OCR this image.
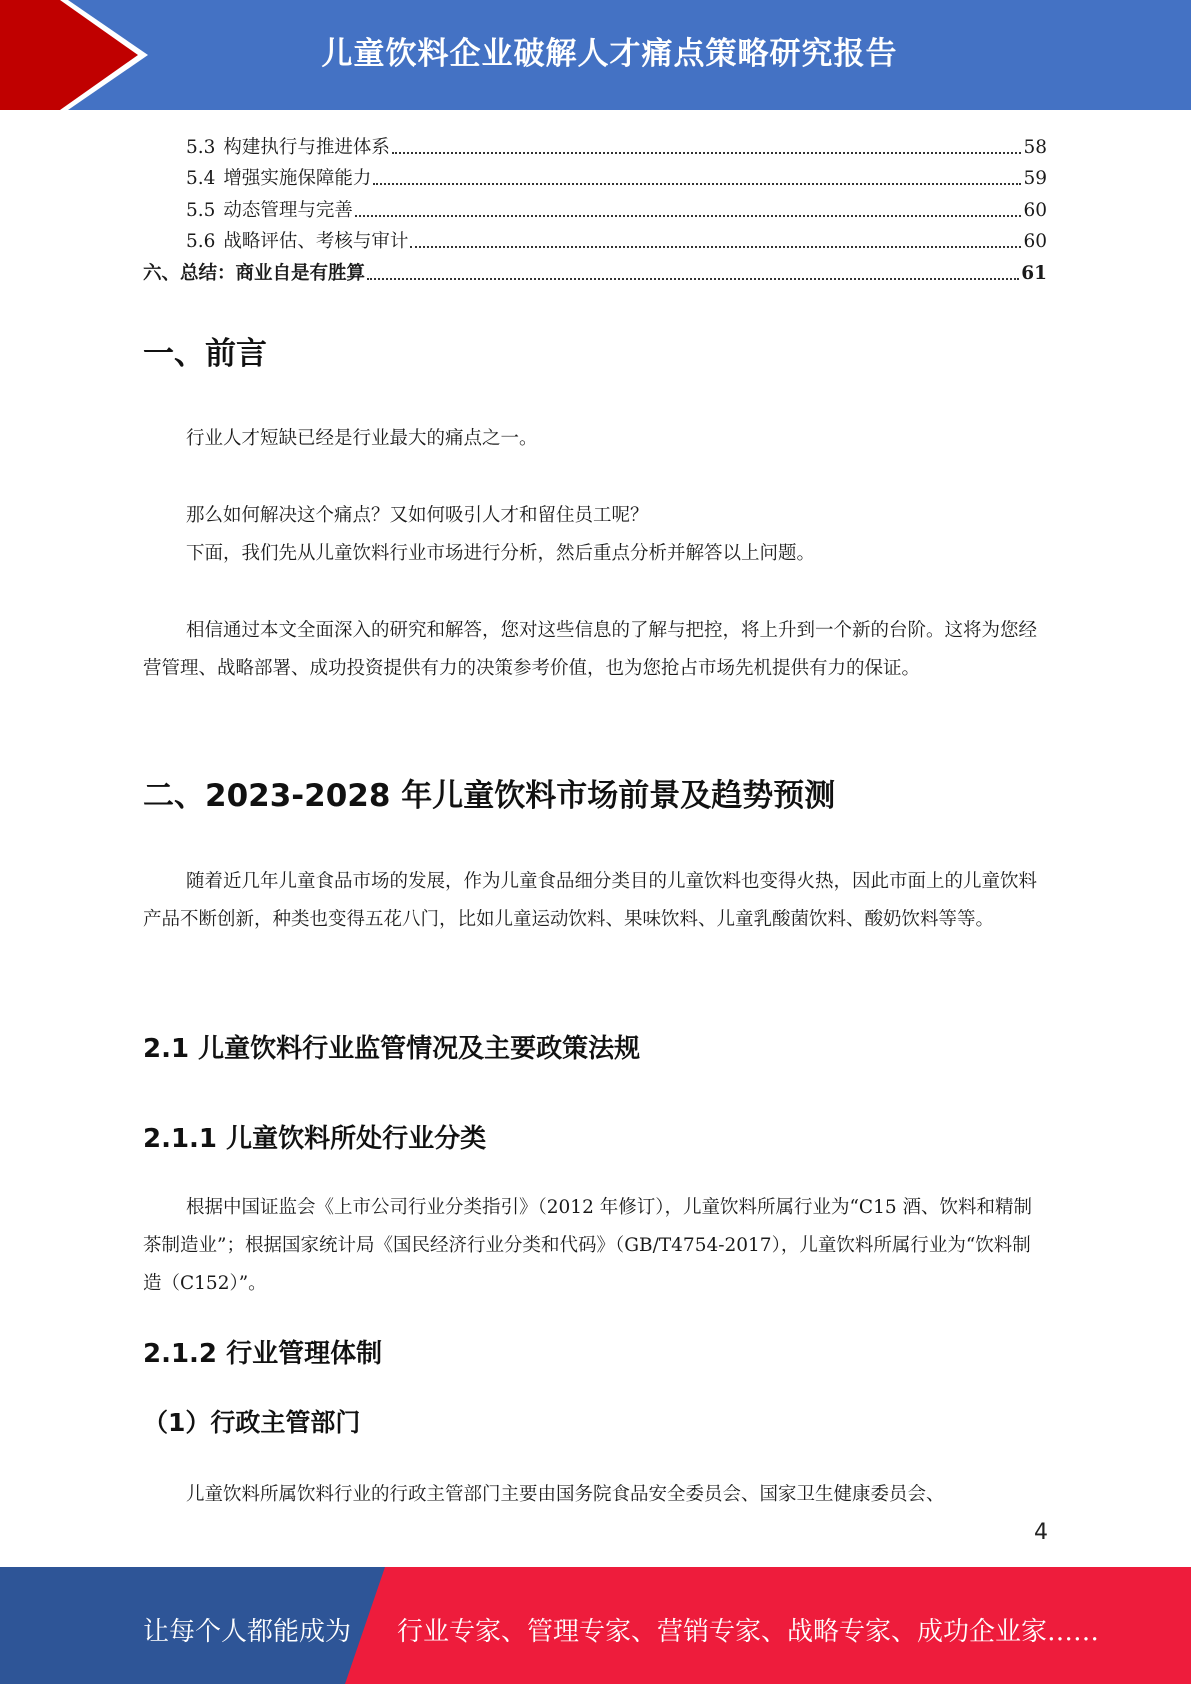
儿童饮料企业破解人才痛点策略研究报告
5.3 构建执行与推进体系	58
5.4 增强实施保障能力	59
5.5 动态管理与完善	60
5.6 战略评估、考核与审计	60
六、总结：商业自是有胜算	61
一、前言
行业人才短缺已经是行业最大的痛点之一。
那么如何解决这个痛点？又如何吸引人才和留住员工呢？
下面，我们先从儿童饮料行业市场进行分析，然后重点分析并解答以上问题。
相信通过本文全面深入的研究和解答，您对这些信息的了解与把控，将上升到一个新的台阶。这将为您经营管理、战略部署、成功投资提供有力的决策参考价值，也为您抢占市场先机提供有力的保证。
二、2023-2028 年儿童饮料市场前景及趋势预测
随着近几年儿童食品市场的发展，作为儿童食品细分类目的儿童饮料也变得火热，因此市面上的儿童饮料产品不断创新，种类也变得五花八门，比如儿童运动饮料、果味饮料、儿童乳酸菌饮料、酸奶饮料等等。
2.1 儿童饮料行业监管情况及主要政策法规
2.1.1 儿童饮料所处行业分类
根据中国证监会《上市公司行业分类指引》（2012 年修订），儿童饮料所属行业为“C15 酒、饮料和精制茶制造业”；根据国家统计局《国民经济行业分类和代码》（GB/T4754-2017），儿童饮料所属行业为“饮料制造（C152）”。
2.1.2 行业管理体制
（1）行政主管部门
儿童饮料所属饮料行业的行政主管部门主要由国务院食品安全委员会、国家卫生健康委员会、
4
让每个人都能成为 行业专家、管理专家、营销专家、战略专家、成功企业家……
